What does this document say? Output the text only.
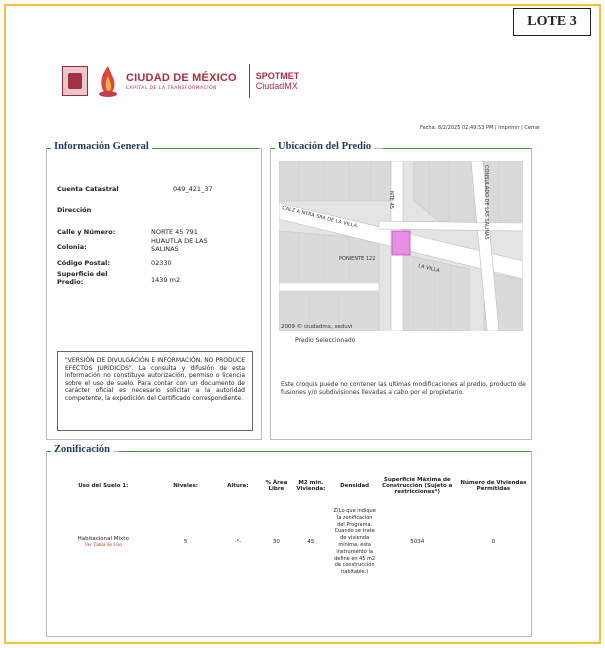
LOTE 3
CIUDAD DE MÉXICO
CAPITAL DE LA TRANSFORMACIÓN
SPOTMET
CiudadMX
Fecha: 8/2/2025 02:49:53 PM | Imprimir | Cerrar
Información General
Cuenta Catastral	049_421_37
Dirección
Calle y Número:	NORTE 45 791
Colonia:
HUAUTLA DE LAS SALINAS
Código Postal:	02330
Superficie del Predio:	1439 m2
"VERSIÓN DE DIVULGACIÓN E INFORMACIÓN, NO PRODUCE EFECTOS JURÍDICOS". La consulta y difusión de esta información no constituye autorización, permiso o licencia sobre el uso de suelo. Para contar con un documento de carácter oficial es necesario solicitar a la autoridad competente, la expedición del Certificado correspondiente.
Ubicación del Predio
NTE 45
CALZ A NTRA SRA DE LA VILLA
PONIENTE 122
LA VILLA
CONSULADO DE LAS SALINAS
2009 © ciudadmx, seduvi
Predio Seleccionado
Este croquis puede no contener las ultimas modificaciones al predio, producto de fusiones y/o subdivisiones llevadas a cabo por el propietario.
Zonificación
Uso del Suelo 1:	Niveles:	Altura:	% Área Libre	M2 min. Vivienda:	Densidad	Superficie Máxima de Construcción (Sujeto a restricciones*)	Número de Viviendas Permitidas

Habitacional Mixto
Ver Tabla de Uso	5	-*-	30	45	Z(Lo que indique la zonificación del Programa. Cuando se trate de vivienda mínima, esta instrumento la define en 45 m2 de construcción habitable.)	5034	0
